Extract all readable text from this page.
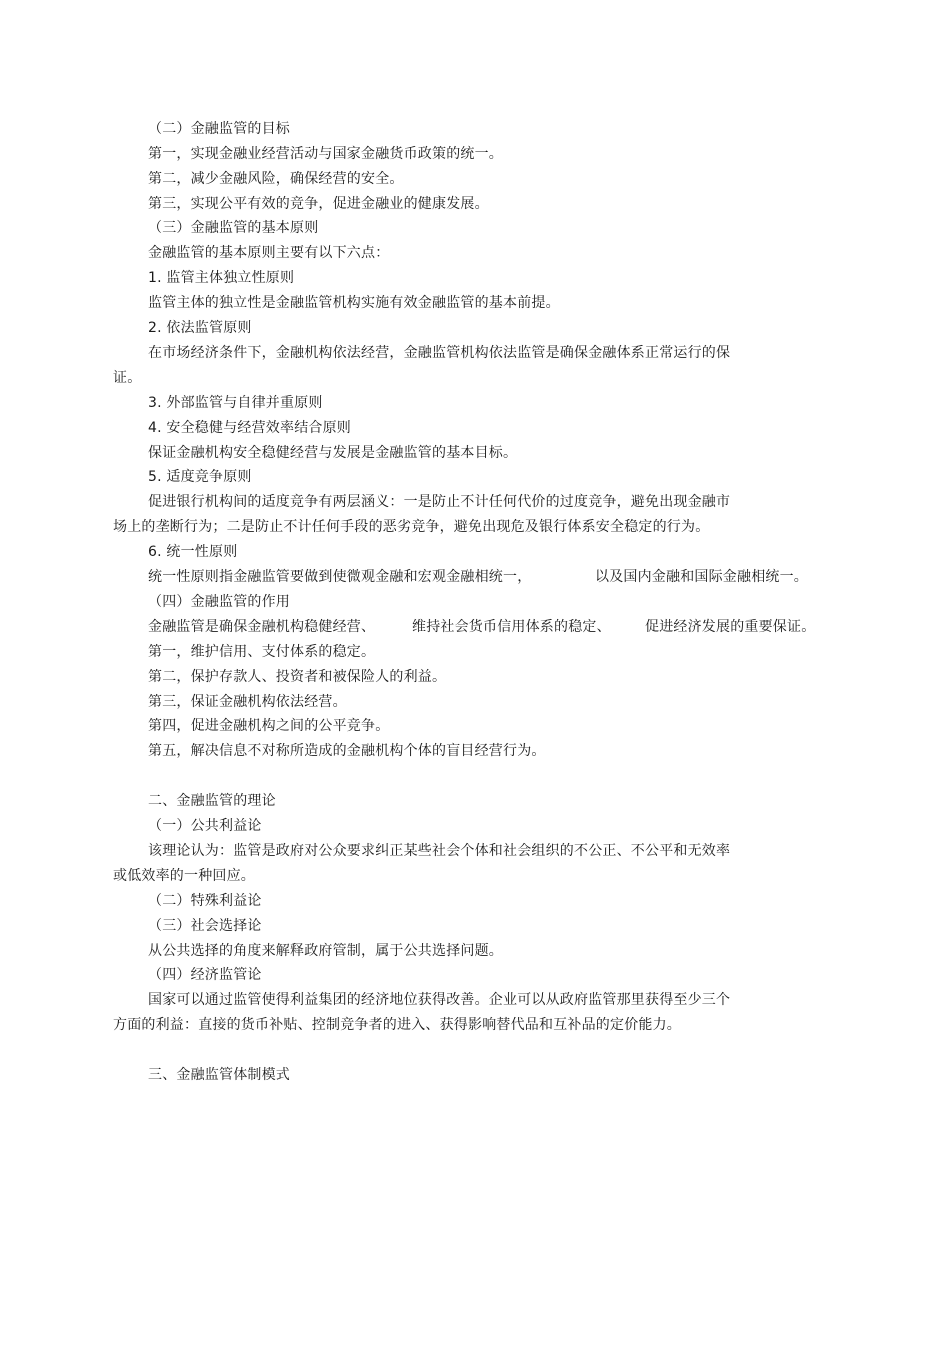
（二）金融监管的目标
第一，实现金融业经营活动与国家金融货币政策的统一。
第二，减少金融风险，确保经营的安全。
第三，实现公平有效的竞争，促进金融业的健康发展。
（三）金融监管的基本原则
金融监管的基本原则主要有以下六点：
1. 监管主体独立性原则
监管主体的独立性是金融监管机构实施有效金融监管的基本前提。
2. 依法监管原则
在市场经济条件下，金融机构依法经营，金融监管机构依法监管是确保金融体系正常运行的保
证。
3. 外部监管与自律并重原则
4. 安全稳健与经营效率结合原则
保证金融机构安全稳健经营与发展是金融监管的基本目标。
5. 适度竞争原则
促进银行机构间的适度竞争有两层涵义：一是防止不计任何代价的过度竞争，避免出现金融市
场上的垄断行为；二是防止不计任何手段的恶劣竞争，避免出现危及银行体系安全稳定的行为。
6. 统一性原则
统一性原则指金融监管要做到使微观金融和宏观金融相统一，	以及国内金融和国际金融相统一。
（四）金融监管的作用
金融监管是确保金融机构稳健经营、	维持社会货币信用体系的稳定、 促进经济发展的重要保证。
第一，维护信用、支付体系的稳定。
第二，保护存款人、投资者和被保险人的利益。
第三，保证金融机构依法经营。
第四，促进金融机构之间的公平竞争。
第五，解决信息不对称所造成的金融机构个体的盲目经营行为。
二、金融监管的理论
（一）公共利益论
该理论认为：监管是政府对公众要求纠正某些社会个体和社会组织的不公正、不公平和无效率
或低效率的一种回应。
（二）特殊利益论
（三）社会选择论
从公共选择的角度来解释政府管制，属于公共选择问题。
（四）经济监管论
国家可以通过监管使得利益集团的经济地位获得改善。企业可以从政府监管那里获得至少三个
方面的利益：直接的货币补贴、控制竞争者的进入、获得影响替代品和互补品的定价能力。
三、金融监管体制模式
